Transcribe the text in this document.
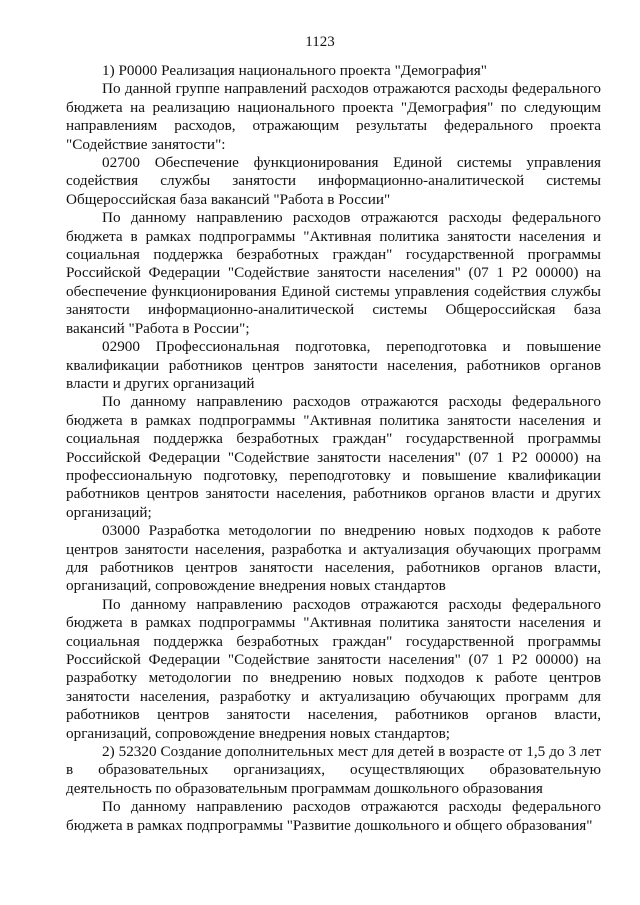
1123

1) Р0000 Реализация национального проекта "Демография"

По данной группе направлений расходов отражаются расходы федерального бюджета на реализацию национального проекта "Демография" по следующим направлениям расходов, отражающим результаты федерального проекта "Содействие занятости":

02700 Обеспечение функционирования Единой системы управления содействия службы занятости информационно-аналитической системы Общероссийская база вакансий "Работа в России"

По данному направлению расходов отражаются расходы федерального бюджета в рамках подпрограммы "Активная политика занятости населения и социальная поддержка безработных граждан" государственной программы Российской Федерации "Содействие занятости населения" (07 1 Р2 00000) на обеспечение функционирования Единой системы управления содействия службы занятости информационно-аналитической системы Общероссийская база вакансий "Работа в России";

02900 Профессиональная подготовка, переподготовка и повышение квалификации работников центров занятости населения, работников органов власти и других организаций

По данному направлению расходов отражаются расходы федерального бюджета в рамках подпрограммы "Активная политика занятости населения и социальная поддержка безработных граждан" государственной программы Российской Федерации "Содействие занятости населения" (07 1 Р2 00000) на профессиональную подготовку, переподготовку и повышение квалификации работников центров занятости населения, работников органов власти и других организаций;

03000 Разработка методологии по внедрению новых подходов к работе центров занятости населения, разработка и актуализация обучающих программ для работников центров занятости населения, работников органов власти, организаций, сопровождение внедрения новых стандартов

По данному направлению расходов отражаются расходы федерального бюджета в рамках подпрограммы "Активная политика занятости населения и социальная поддержка безработных граждан" государственной программы Российской Федерации "Содействие занятости населения" (07 1 Р2 00000) на разработку методологии по внедрению новых подходов к работе центров занятости населения, разработку и актуализацию обучающих программ для работников центров занятости населения, работников органов власти, организаций, сопровождение внедрения новых стандартов;

2) 52320 Создание дополнительных мест для детей в возрасте от 1,5 до 3 лет в образовательных организациях, осуществляющих образовательную деятельность по образовательным программам дошкольного образования

По данному направлению расходов отражаются расходы федерального бюджета в рамках подпрограммы "Развитие дошкольного и общего образования"
